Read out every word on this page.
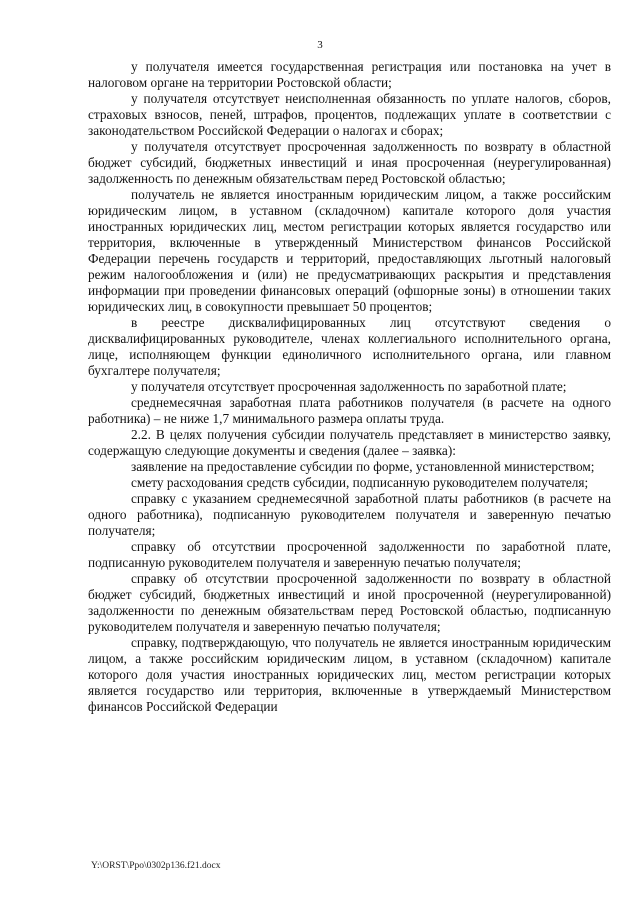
3

у получателя имеется государственная регистрация или постановка на учет в налоговом органе на территории Ростовской области;

у получателя отсутствует неисполненная обязанность по уплате налогов, сборов, страховых взносов, пеней, штрафов, процентов, подлежащих уплате в соответствии с законодательством Российской Федерации о налогах и сборах;

у получателя отсутствует просроченная задолженность по возврату в областной бюджет субсидий, бюджетных инвестиций и иная просроченная (неурегулированная) задолженность по денежным обязательствам перед Ростовской областью;

получатель не является иностранным юридическим лицом, а также российским юридическим лицом, в уставном (складочном) капитале которого доля участия иностранных юридических лиц, местом регистрации которых является государство или территория, включенные в утвержденный Министерством финансов Российской Федерации перечень государств и территорий, предоставляющих льготный налоговый режим налогообложения и (или) не предусматривающих раскрытия и представления информации при проведении финансовых операций (офшорные зоны) в отношении таких юридических лиц, в совокупности превышает 50 процентов;

в реестре дисквалифицированных лиц отсутствуют сведения о дисквалифицированных руководителе, членах коллегиального исполнительного органа, лице, исполняющем функции единоличного исполнительного органа, или главном бухгалтере получателя;

у получателя отсутствует просроченная задолженность по заработной плате;

среднемесячная заработная плата работников получателя (в расчете на одного работника) – не ниже 1,7 минимального размера оплаты труда.

2.2. В целях получения субсидии получатель представляет в министерство заявку, содержащую следующие документы и сведения (далее – заявка):

заявление на предоставление субсидии по форме, установленной министерством;

смету расходования средств субсидии, подписанную руководителем получателя;

справку с указанием среднемесячной заработной платы работников (в расчете на одного работника), подписанную руководителем получателя и заверенную печатью получателя;

справку об отсутствии просроченной задолженности по заработной плате, подписанную руководителем получателя и заверенную печатью получателя;

справку об отсутствии просроченной задолженности по возврату в областной бюджет субсидий, бюджетных инвестиций и иной просроченной (неурегулированной) задолженности по денежным обязательствам перед Ростовской областью, подписанную руководителем получателя и заверенную печатью получателя;

справку, подтверждающую, что получатель не является иностранным юридическим лицом, а также российским юридическим лицом, в уставном (складочном) капитале которого доля участия иностранных юридических лиц, местом регистрации которых является государство или территория, включенные в утверждаемый Министерством финансов Российской Федерации

Y:\ORST\Ppo\0302p136.f21.docx
